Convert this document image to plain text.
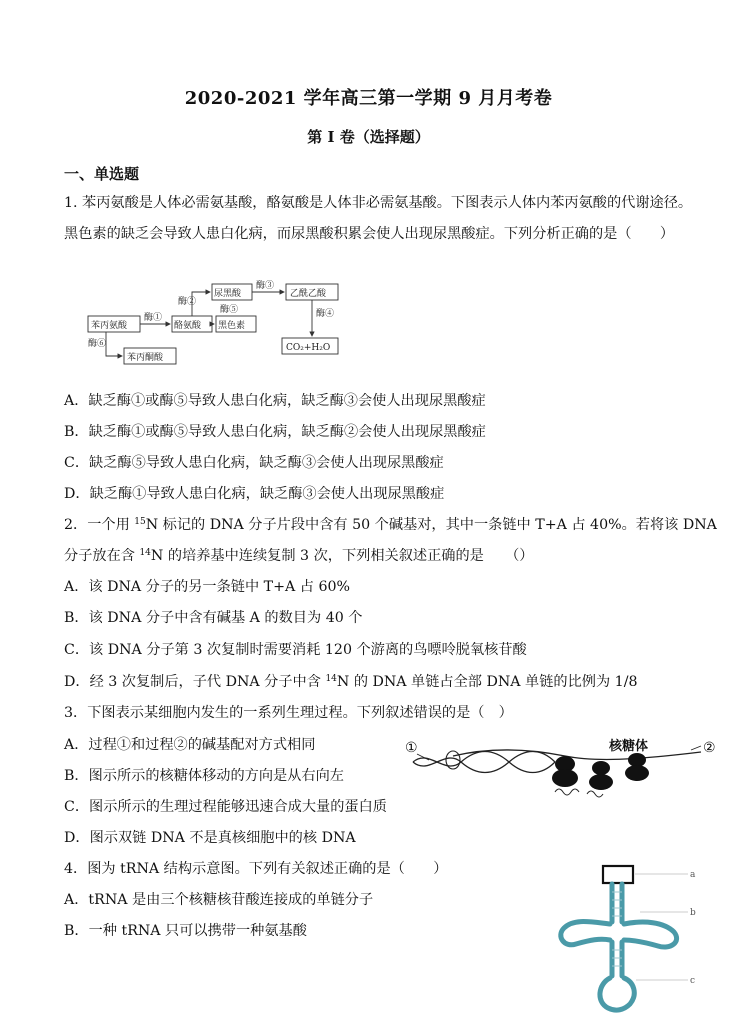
2020-2021 学年高三第一学期 9 月月考卷
第 I 卷（选择题）
一、单选题
1. 苯丙氨酸是人体必需氨基酸，酪氨酸是人体非必需氨基酸。下图表示人体内苯丙氨酸的代谢途径。
黑色素的缺乏会导致人患白化病，而尿黑酸积累会使人出现尿黑酸症。下列分析正确的是（　　）
苯丙氨酸	酪氨酸
尿黑酸	乙酰乙酸
黑色素
CO₂+H₂O
苯丙酮酸
酶①
酶②
酶③
酶④
酶⑤
酶⑥
A．缺乏酶①或酶⑤导致人患白化病，缺乏酶③会使人出现尿黑酸症
B．缺乏酶①或酶⑤导致人患白化病，缺乏酶②会使人出现尿黑酸症
C．缺乏酶⑤导致人患白化病，缺乏酶③会使人出现尿黑酸症
D．缺乏酶①导致人患白化病，缺乏酶③会使人出现尿黑酸症
2．一个用 $^{15}$N 标记的 DNA 分子片段中含有 50 个碱基对，其中一条链中 T+A 占 40%。若将该 DNA
分子放在含 $^{14}$N 的培养基中连续复制 3 次，下列相关叙述正确的是　　（）
A．该 DNA 分子的另一条链中 T+A 占 60%
B．该 DNA 分子中含有碱基 A 的数目为 40 个
C．该 DNA 分子第 3 次复制时需要消耗 120 个游离的鸟嘌呤脱氧核苷酸
D．经 3 次复制后，子代 DNA 分子中含 $^{14}$N 的 DNA 单链占全部 DNA 单链的比例为 1/8
3．下图表示某细胞内发生的一系列生理过程。下列叙述错误的是（　）
A．过程①和过程②的碱基配对方式相同
B．图示所示的核糖体移动的方向是从右向左
C．图示所示的生理过程能够迅速合成大量的蛋白质
D．图示双链 DNA 不是真核细胞中的核 DNA
①	②
核糖体
4．图为 tRNA 结构示意图。下列有关叙述正确的是（　　）
A．tRNA 是由三个核糖核苷酸连接成的单链分子
B．一种 tRNA 只可以携带一种氨基酸
a
b
c
